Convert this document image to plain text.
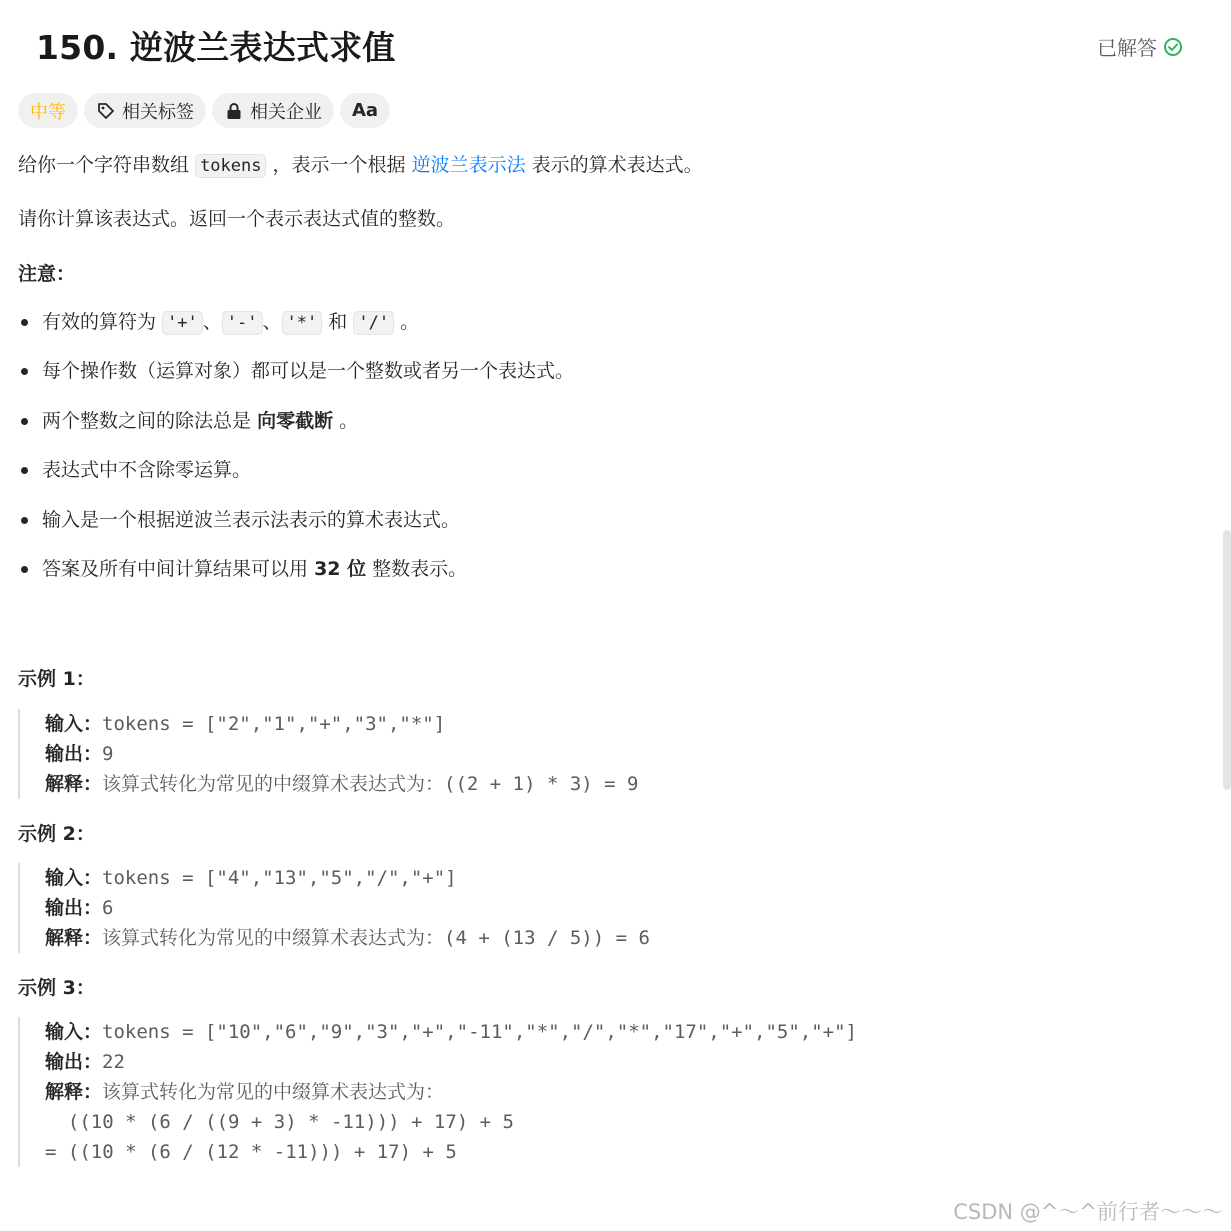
150. 逆波兰表达式求值	已解答
中等	相关标签	相关企业 Aa

给你一个字符串数组 tokens ，表示一个根据 逆波兰表示法 表示的算术表达式。

请你计算该表达式。返回一个表示表达式值的整数。

注意：

有效的算符为 '+' 、 '-' 、 '*' 和 '/' 。
每个操作数（运算对象）都可以是一个整数或者另一个表达式。
两个整数之间的除法总是 向零截断 。
表达式中不含除零运算。
输入是一个根据逆波兰表示法表示的算术表达式。
答案及所有中间计算结果可以用 32 位 整数表示。

示例 1：

输入：tokens = ["2","1","+","3","*"]
输出：9
解释：该算式转化为常见的中缀算术表达式为：((2 + 1) * 3) = 9

示例 2：

输入：tokens = ["4","13","5","/","+"]
输出：6
解释：该算式转化为常见的中缀算术表达式为：(4 + (13 / 5)) = 6

示例 3：

输入：tokens = ["10","6","9","3","+","-11","*","/","*","17","+","5","+"]
输出：22
解释：该算式转化为常见的中缀算术表达式为：
((10 * (6 / ((9 + 3) * -11))) + 17) + 5
= ((10 * (6 / (12 * -11))) + 17) + 5
CSDN @^～^前行者～～～
